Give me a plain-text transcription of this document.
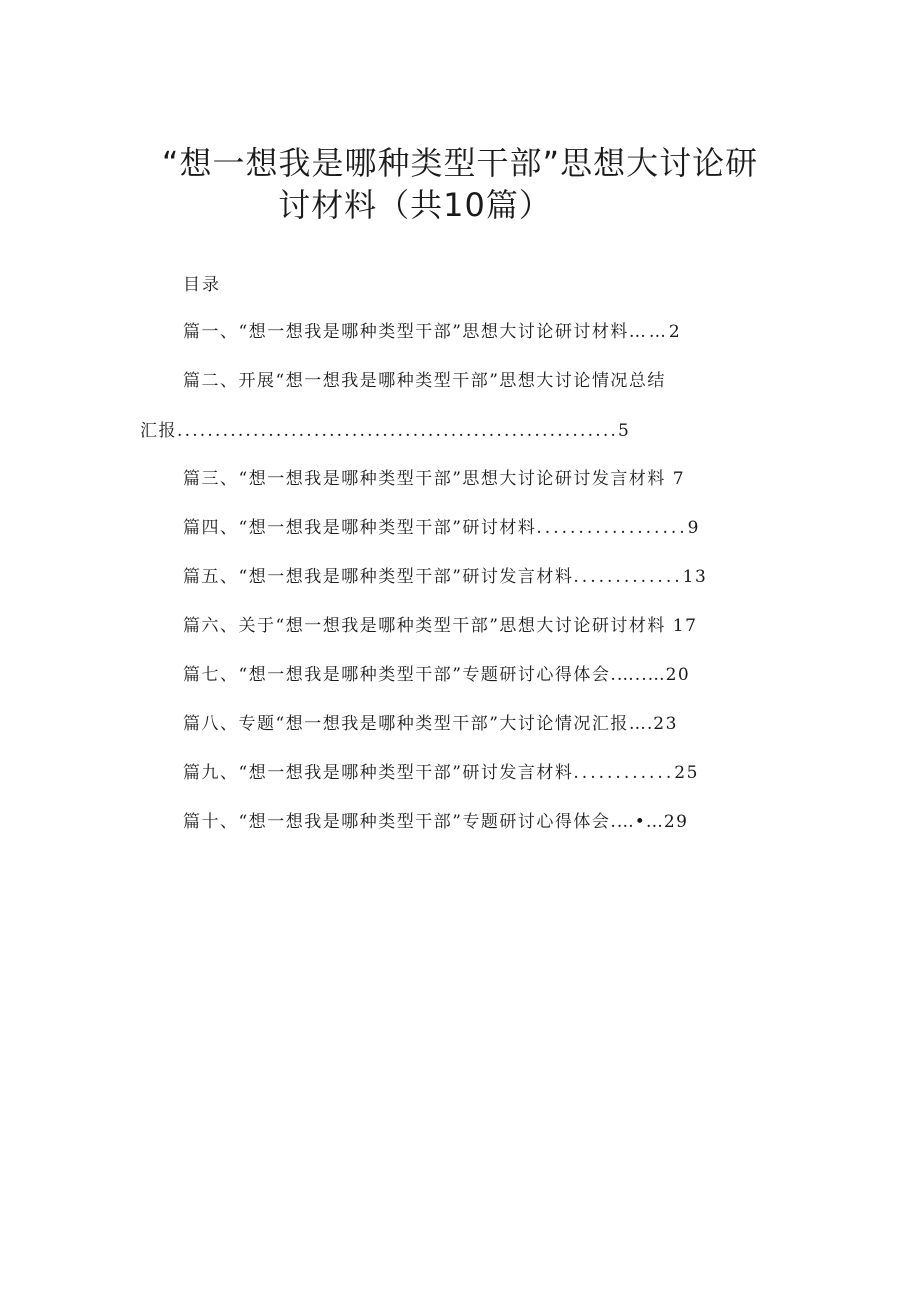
“想一想我是哪种类型干部”思想大讨论研
讨材料（共10篇）
目录
篇一、“想一想我是哪种类型干部”思想大讨论研讨材料……2
篇二、开展“想一想我是哪种类型干部”思想大讨论情况总结
汇报..........................................................5
篇三、“想一想我是哪种类型干部”思想大讨论研讨发言材料 7
篇四、“想一想我是哪种类型干部”研讨材料..................9
篇五、“想一想我是哪种类型干部”研讨发言材料.............13
篇六、关于“想一想我是哪种类型干部”思想大讨论研讨材料 17
篇七、“想一想我是哪种类型干部”专题研讨心得体会.…..…20
篇八、专题“想一想我是哪种类型干部”大讨论情况汇报….23
篇九、“想一想我是哪种类型干部”研讨发言材料............25
篇十、“想一想我是哪种类型干部”专题研讨心得体会.…•…29
